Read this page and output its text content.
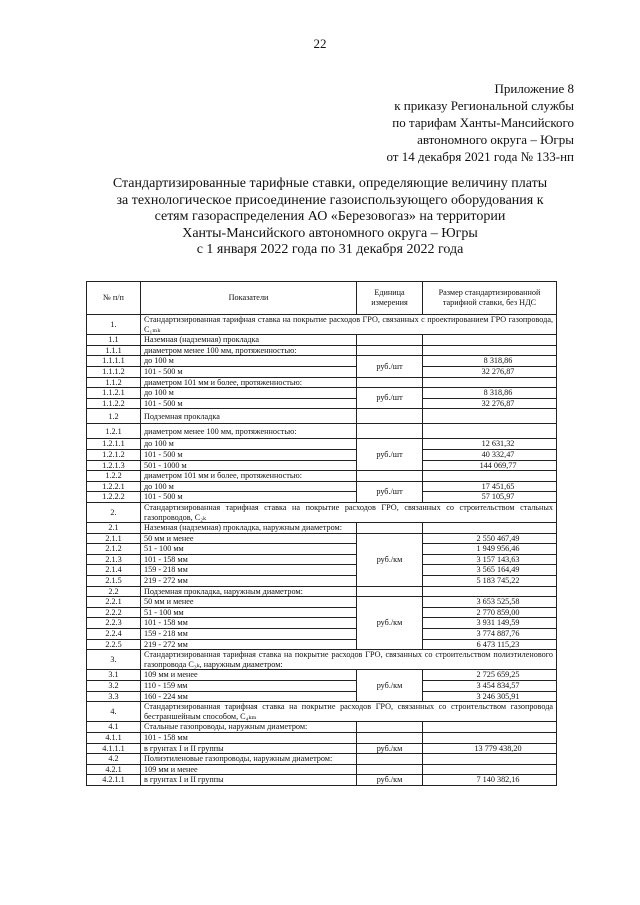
22
Приложение 8
к приказу Региональной службы
по тарифам Ханты-Мансийского
автономного округа – Югры
от 14 декабря 2021 года № 133-нп
Стандартизированные тарифные ставки, определяющие величину платы
за технологическое присоединение газоиспользующего оборудования к
сетям газораспределения АО «Березовогаз» на территории
Ханты-Мансийского автономного округа – Югры
с 1 января 2022 года по 31 декабря 2022 года
№ п/п	Показатели	Единица измерения	Размер стандартизированной тарифной ставки, без НДС
1.	Стандартизированная тарифная ставка на покрытие расходов ГРО, связанных с проектированием ГРО газопровода, C₁ₘₖ		
1.1	Наземная (надземная) прокладка		
1.1.1	диаметром менее 100 мм, протяженностью:		
1.1.1.1	до 100 м	руб./шт	8 318,86
1.1.1.2	101 - 500 м		32 276,87
1.1.2	диаметром 101 мм и более, протяженностью:		
1.1.2.1	до 100 м	руб./шт	8 318,86
1.1.2.2	101 - 500 м		32 276,87
1.2	Подземная прокладка		
1.2.1	диаметром менее 100 мм, протяженностью:		
1.2.1.1	до 100 м	руб./шт	12 631,32
1.2.1.2	101 - 500 м		40 332,47
1.2.1.3	501 - 1000 м		144 069,77
1.2.2	диаметром 101 мм и более, протяженностью:		
1.2.2.1	до 100 м	руб./шт	17 451,65
1.2.2.2	101 - 500 м		57 105,97
2.	Стандартизированная тарифная ставка на покрытие расходов ГРО, связанных со строительством стальных газопроводов, C₂ₖ		
2.1	Наземная (надземная) прокладка, наружным диаметром:		
2.1.1	50 мм и менее	руб./км	2 550 467,49
2.1.2	51 - 100 мм		1 949 956,46
2.1.3	101 - 158 мм		3 157 143,63
2.1.4	159 - 218 мм		3 565 164,49
2.1.5	219 - 272 мм		5 183 745,22
2.2	Подземная прокладка, наружным диаметром:		
2.2.1	50 мм и менее	руб./км	3 653 525,58
2.2.2	51 - 100 мм		2 770 859,00
2.2.3	101 - 158 мм		3 931 149,59
2.2.4	159 - 218 мм		3 774 887,76
2.2.5	219 - 272 мм		6 473 115,23
3.	Стандартизированная тарифная ставка на покрытие расходов ГРО, связанных со строительством полиэтиленового газопровода C₃ₖ, наружным диаметром:		
3.1	109 мм и менее	руб./км	2 725 659,25
3.2	110 - 159 мм		3 454 834,57
3.3	160 - 224 мм		3 246 305,91
4.	Стандартизированная тарифная ставка на покрытие расходов ГРО, связанных со строительством газопровода бестраншейным способом, C₄ₖₘ		
4.1	Стальные газопроводы, наружным диаметром:		
4.1.1	101 - 158 мм		
4.1.1.1	в грунтах I и II группы	руб./км	13 779 438,20
4.2	Полиэтиленовые газопроводы, наружным диаметром:		
4.2.1	109 мм и менее		
4.2.1.1	в грунтах I и II группы	руб./км	7 140 382,16
